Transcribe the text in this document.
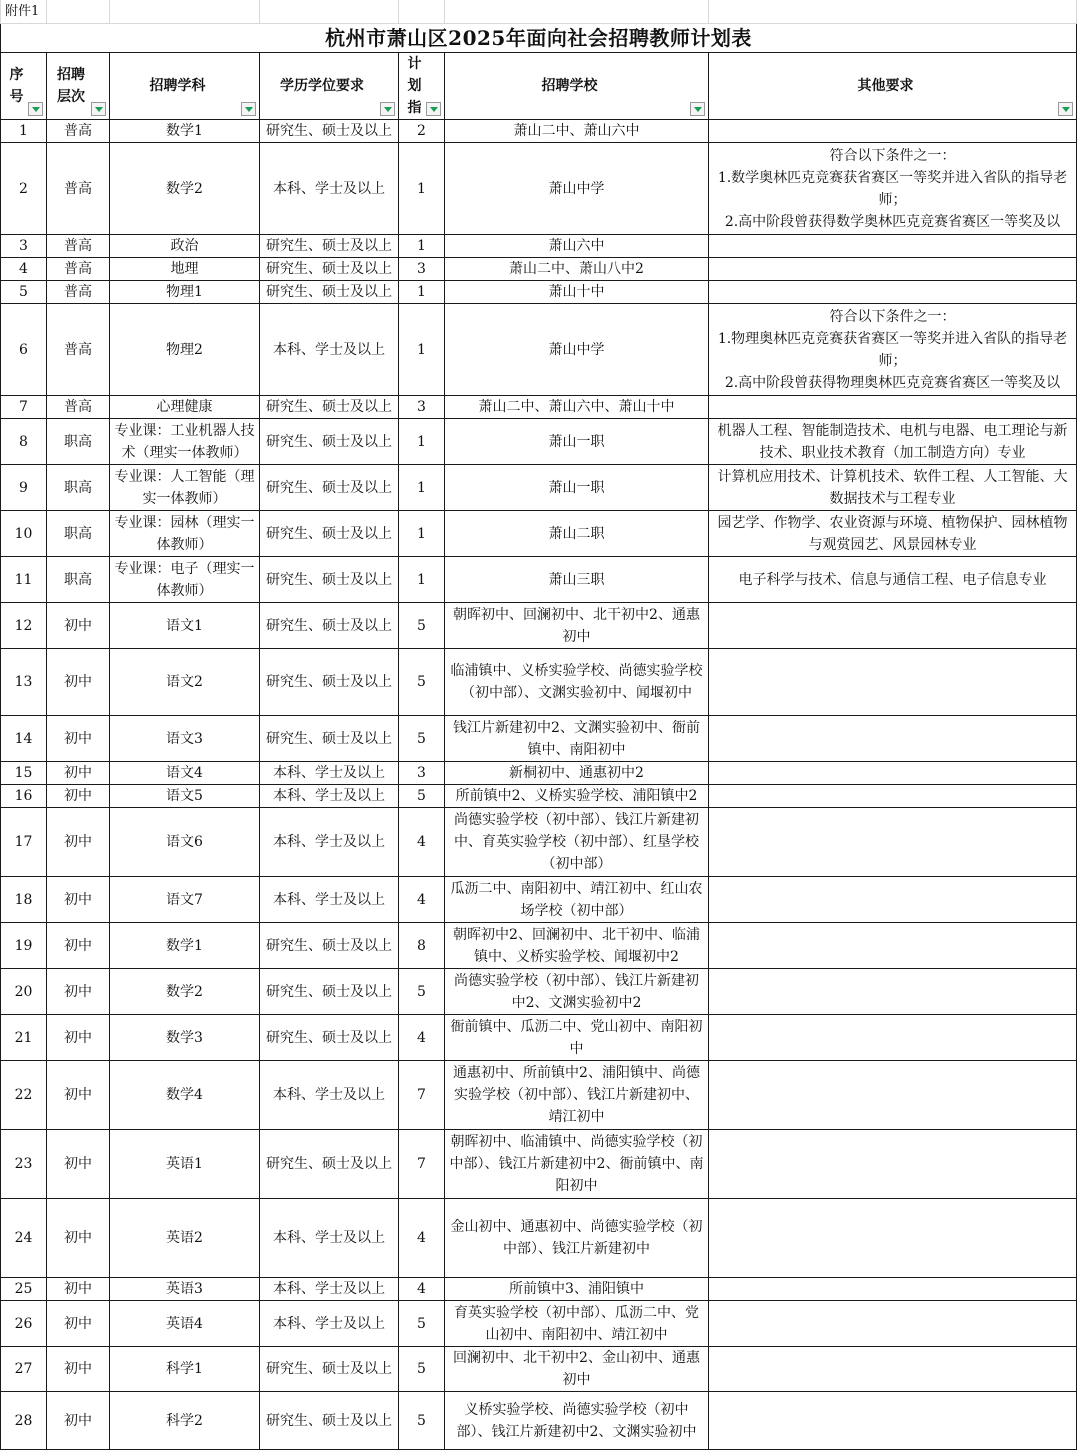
附件1						
杭州市萧山区2025年面向社会招聘教师计划表						
序号	招聘层次	招聘学科	学历学位要求	计划指	招聘学校	其他要求

1	普高	数学1	研究生、硕士及以上	2	萧山二中、萧山六中	
2	普高	数学2	本科、学士及以上	1	萧山中学	符合以下条件之一：
1.数学奥林匹克竞赛获省赛区一等奖并进入省队的指导老师；
2.高中阶段曾获得数学奥林匹克竞赛省赛区一等奖及以

3	普高	政治	研究生、硕士及以上	1	萧山六中	
4	普高	地理	研究生、硕士及以上	3	萧山二中、萧山八中2	
5	普高	物理1	研究生、硕士及以上	1	萧山十中	
6	普高	物理2	本科、学士及以上	1	萧山中学	符合以下条件之一：
1.物理奥林匹克竞赛获省赛区一等奖并进入省队的指导老师；
2.高中阶段曾获得物理奥林匹克竞赛省赛区一等奖及以

7	普高	心理健康	研究生、硕士及以上	3	萧山二中、萧山六中、萧山十中	
8	职高	专业课：工业机器人技术（理实一体教师）	研究生、硕士及以上	1	萧山一职	机器人工程、智能制造技术、电机与电器、电工理论与新技术、职业技术教育（加工制造方向）专业
9	职高	专业课：人工智能（理实一体教师）	研究生、硕士及以上	1	萧山一职	计算机应用技术、计算机技术、软件工程、人工智能、大数据技术与工程专业
10	职高	专业课：园林（理实一体教师）	研究生、硕士及以上	1	萧山二职	园艺学、作物学、农业资源与环境、植物保护、园林植物与观赏园艺、风景园林专业
11	职高	专业课：电子（理实一体教师）	研究生、硕士及以上	1	萧山三职	电子科学与技术、信息与通信工程、电子信息专业
12	初中	语文1	研究生、硕士及以上	5	朝晖初中、回澜初中、北干初中2、通惠初中	
13	初中	语文2	研究生、硕士及以上	5	临浦镇中、义桥实验学校、尚德实验学校（初中部）、文渊实验初中、闻堰初中	
14	初中	语文3	研究生、硕士及以上	5	钱江片新建初中2、文渊实验初中、衙前镇中、南阳初中	
15	初中	语文4	本科、学士及以上	3	新桐初中、通惠初中2	
16	初中	语文5	本科、学士及以上	5	所前镇中2、义桥实验学校、浦阳镇中2	
17	初中	语文6	本科、学士及以上	4	尚德实验学校（初中部）、钱江片新建初中、育英实验学校（初中部）、红垦学校（初中部）	
18	初中	语文7	本科、学士及以上	4	瓜沥二中、南阳初中、靖江初中、红山农场学校（初中部）	
19	初中	数学1	研究生、硕士及以上	8	朝晖初中2、回澜初中、北干初中、临浦镇中、义桥实验学校、闻堰初中2	
20	初中	数学2	研究生、硕士及以上	5	尚德实验学校（初中部）、钱江片新建初中2、文渊实验初中2	
21	初中	数学3	研究生、硕士及以上	4	衙前镇中、瓜沥二中、党山初中、南阳初中	
22	初中	数学4	本科、学士及以上	7	通惠初中、所前镇中2、浦阳镇中、尚德实验学校（初中部）、钱江片新建初中、靖江初中	
23	初中	英语1	研究生、硕士及以上	7	朝晖初中、临浦镇中、尚德实验学校（初中部）、钱江片新建初中2、衙前镇中、南阳初中	
24	初中	英语2	本科、学士及以上	4	金山初中、通惠初中、尚德实验学校（初中部）、钱江片新建初中	
25	初中	英语3	本科、学士及以上	4	所前镇中3、浦阳镇中	
26	初中	英语4	本科、学士及以上	5	育英实验学校（初中部）、瓜沥二中、党山初中、南阳初中、靖江初中	
27	初中	科学1	研究生、硕士及以上	5	回澜初中、北干初中2、金山初中、通惠初中	
28	初中	科学2	研究生、硕士及以上	5	义桥实验学校、尚德实验学校（初中部）、钱江片新建初中2、文渊实验初中	
